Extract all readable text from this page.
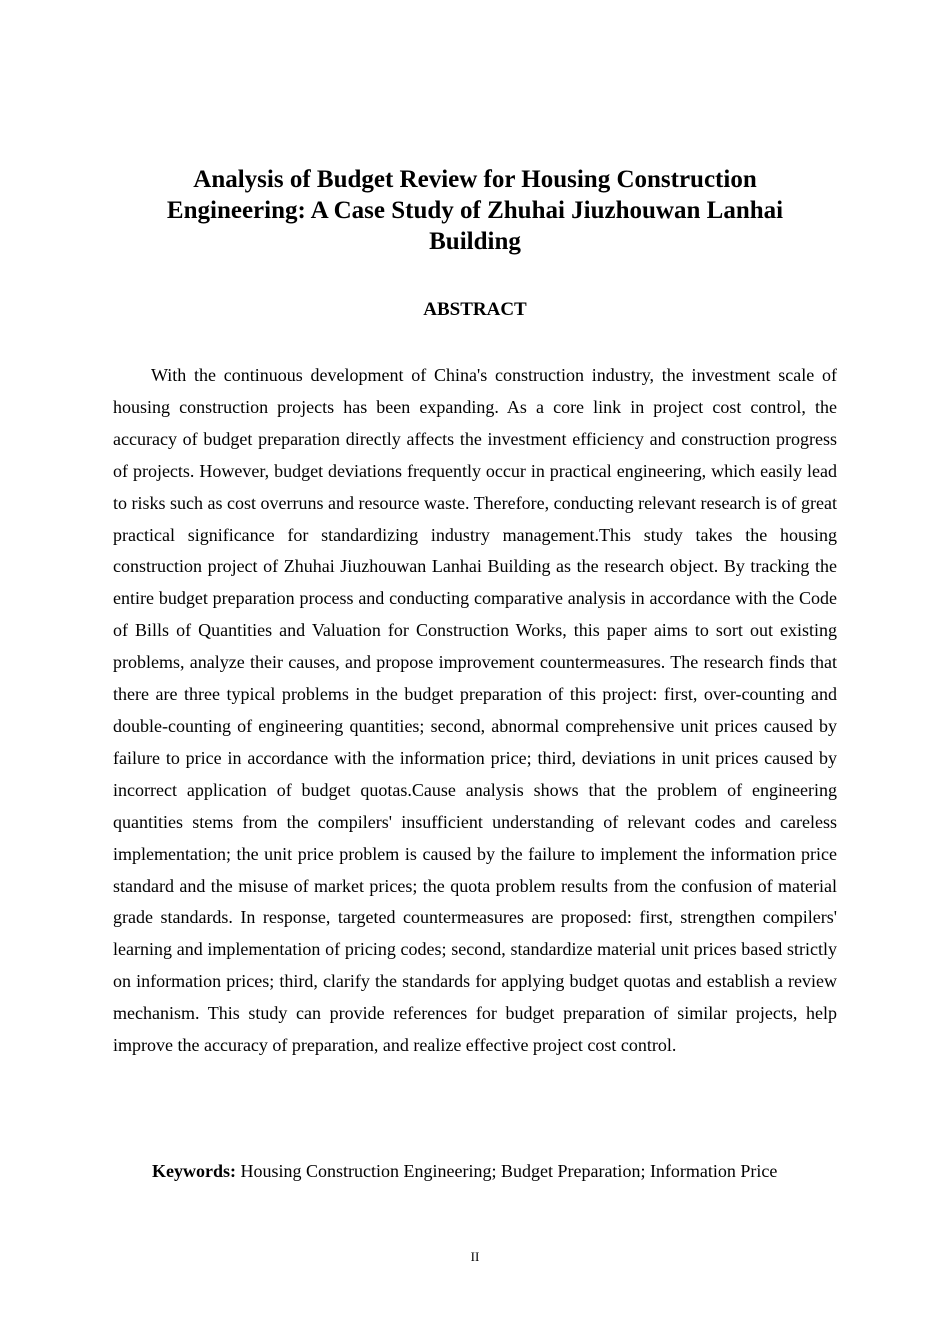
Analysis of Budget Review for Housing Construction
Engineering: A Case Study of Zhuhai Jiuzhouwan Lanhai
Building
ABSTRACT

With the continuous development of China's construction industry, the investment scale of housing construction projects has been expanding. As a core link in project cost control, the accuracy of budget preparation directly affects the investment efficiency and construction progress of projects. However, budget deviations frequently occur in practical engineering, which easily lead to risks such as cost overruns and resource waste. Therefore, conducting relevant research is of great practical significance for standardizing industry management.This study takes the housing construction project of Zhuhai Jiuzhouwan Lanhai Building as the research object. By tracking the entire budget preparation process and conducting comparative analysis in accordance with the Code of Bills of Quantities and Valuation for Construction Works, this paper aims to sort out existing problems, analyze their causes, and propose improvement countermeasures. The research finds that there are three typical problems in the budget preparation of this project: first, over-counting and double-counting of engineering quantities; second, abnormal comprehensive unit prices caused by failure to price in accordance with the information price; third, deviations in unit prices caused by incorrect application of budget quotas.Cause analysis shows that the problem of engineering quantities stems from the compilers' insufficient understanding of relevant codes and careless implementation; the unit price problem is caused by the failure to implement the information price standard and the misuse of market prices; the quota problem results from the confusion of material grade standards. In response, targeted countermeasures are proposed: first, strengthen compilers' learning and implementation of pricing codes; second, standardize material unit prices based strictly on information prices; third, clarify the standards for applying budget quotas and establish a review mechanism. This study can provide references for budget preparation of similar projects, help improve the accuracy of preparation, and realize effective project cost control.

Keywords: Housing Construction Engineering; Budget Preparation; Information Price

II
